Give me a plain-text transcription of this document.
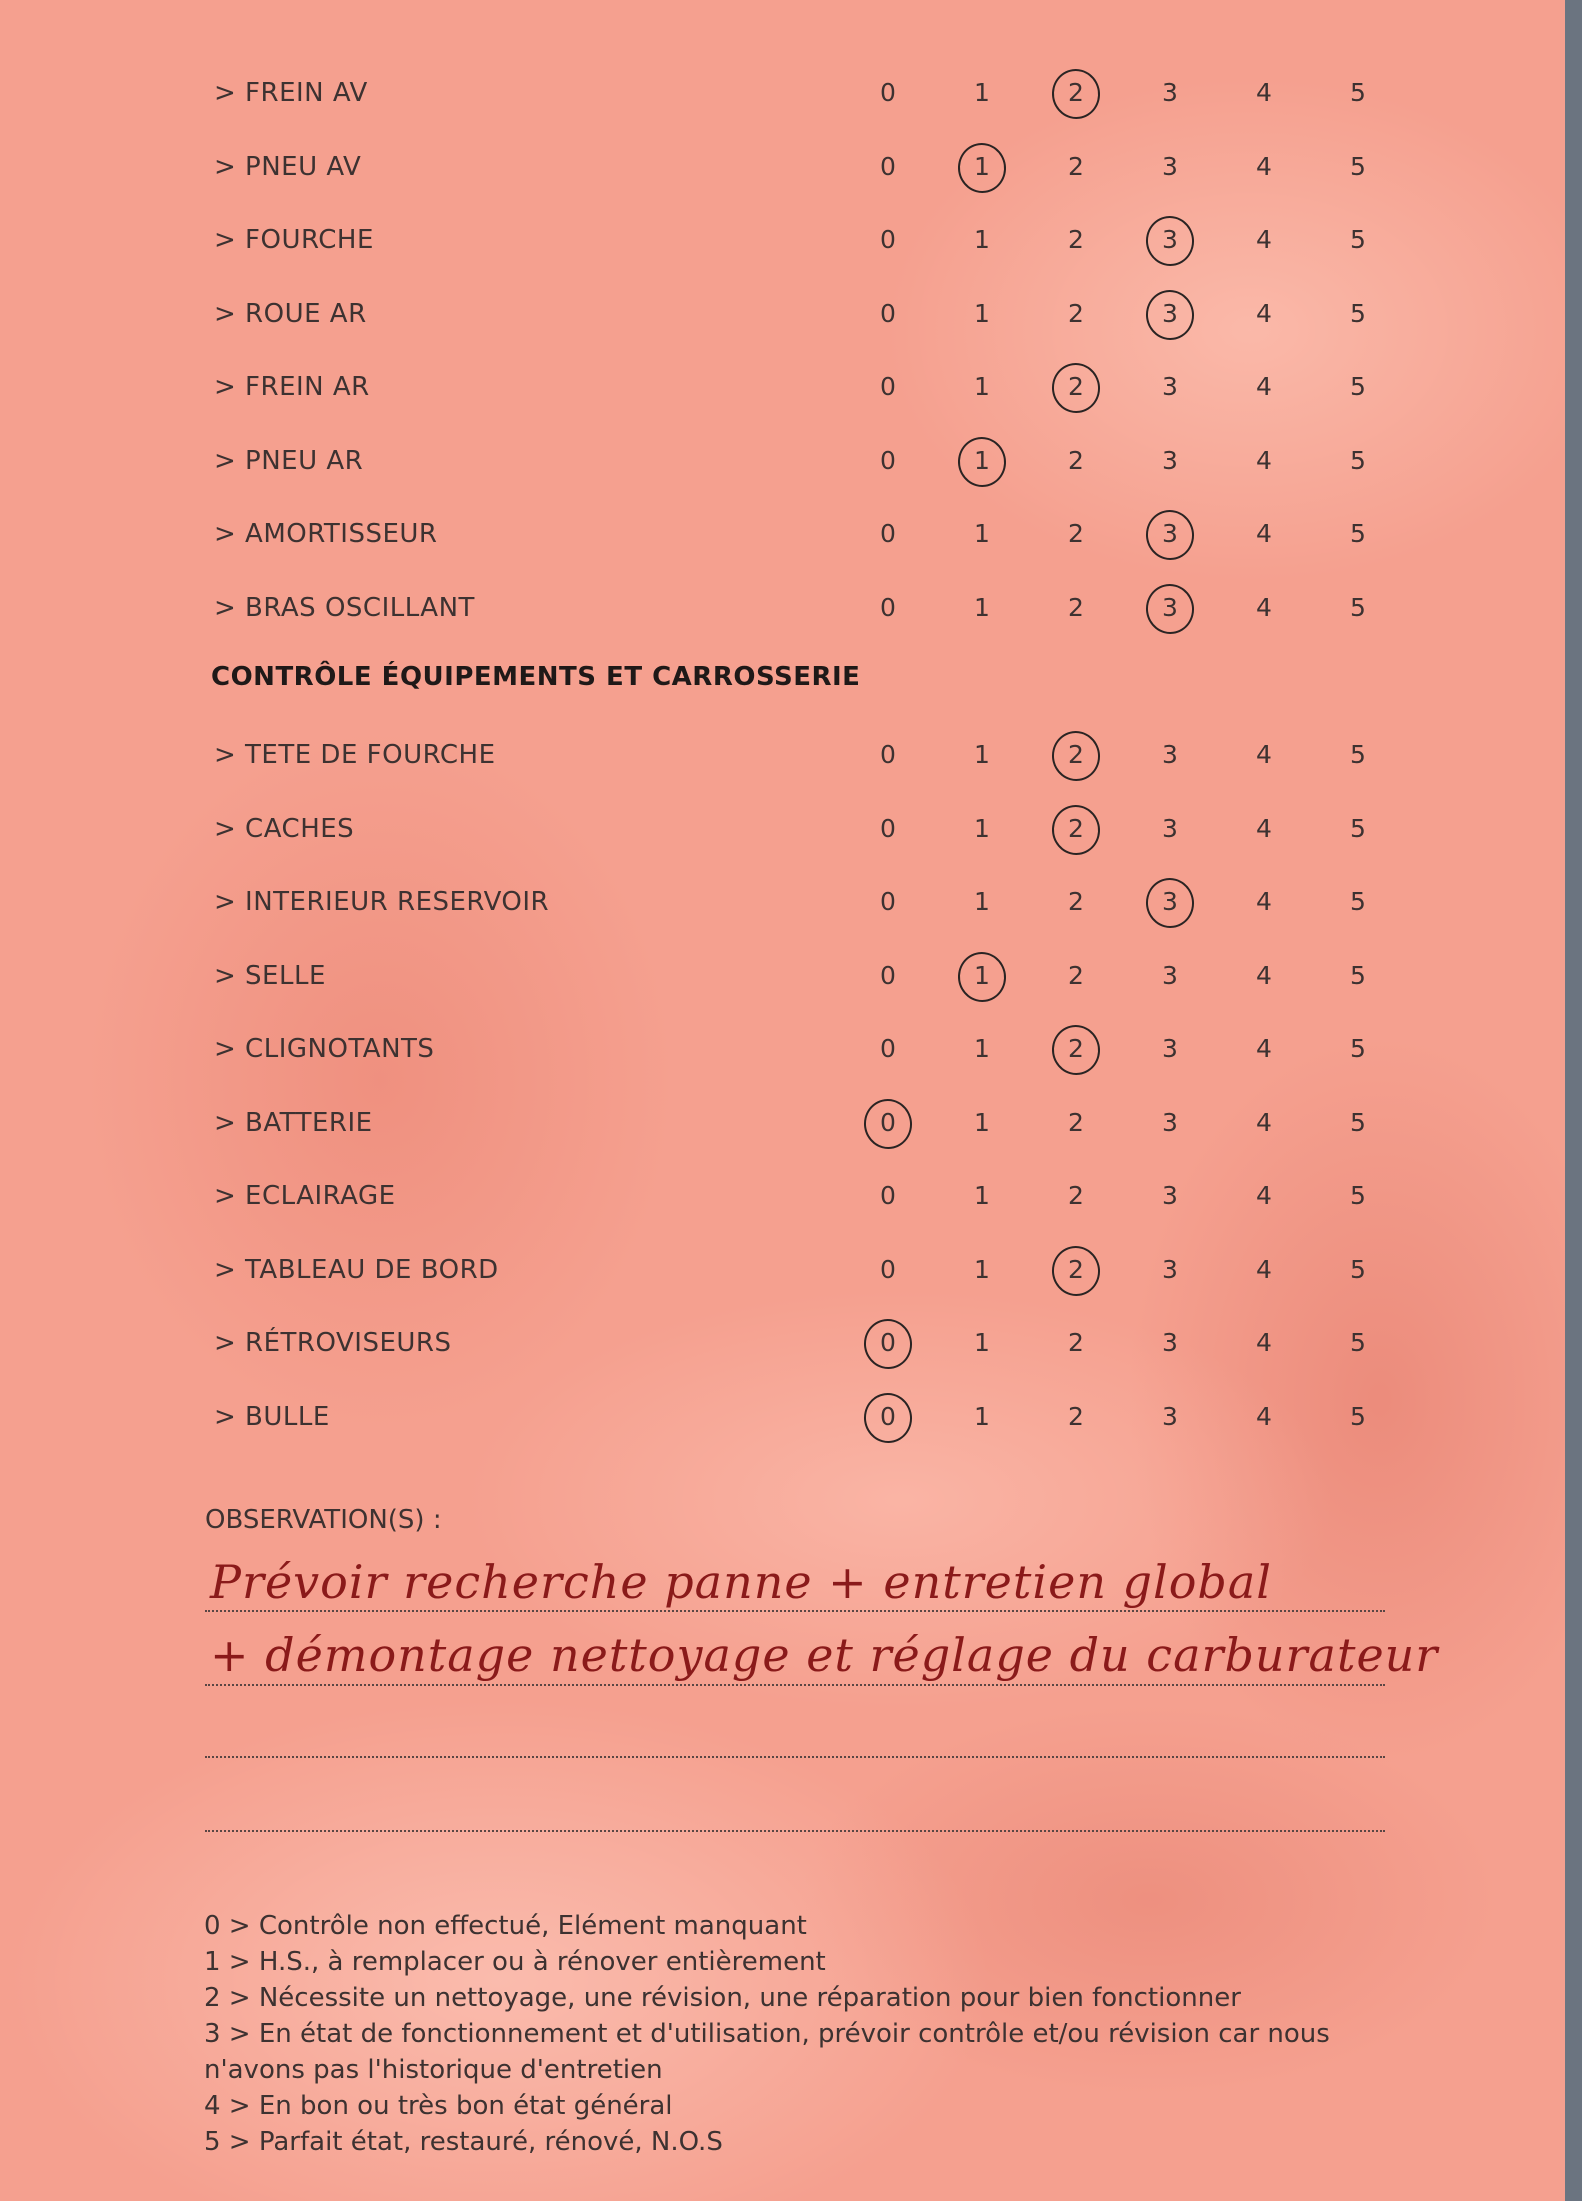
> FREIN AV	0	1	2	3	4	5
> PNEU AV	0	1	2	3	4	5
> FOURCHE	0	1	2	3	4	5
> ROUE AR	0	1	2	3	4	5
> FREIN AR	0	1	2	3	4	5
> PNEU AR	0	1	2	3	4	5
> AMORTISSEUR	0	1	2	3	4	5
> BRAS OSCILLANT	0	1	2	3	4	5
CONTRÔLE ÉQUIPEMENTS ET CARROSSERIE
> TETE DE FOURCHE	0	1	2	3	4	5
> CACHES	0	1	2	3	4	5
> INTERIEUR RESERVOIR	0	1	2	3	4	5
> SELLE	0	1	2	3	4	5
> CLIGNOTANTS	0	1	2	3	4	5
> BATTERIE	0	1	2	3	4	5
> ECLAIRAGE	0	1	2	3	4	5
> TABLEAU DE BORD	0	1	2	3	4	5
> RÉTROVISEURS	0	1	2	3	4	5
> BULLE	0	1	2	3	4	5
OBSERVATION(S) :
Prévoir recherche panne + entretien global
+ démontage nettoyage et réglage du carburateur
0 > Contrôle non effectué, Elément manquant
1 > H.S., à remplacer ou à rénover entièrement
2 > Nécessite un nettoyage, une révision, une réparation pour bien fonctionner
3 > En état de fonctionnement et d'utilisation, prévoir contrôle et/ou révision car nous
n'avons pas l'historique d'entretien
4 > En bon ou très bon état général
5 > Parfait état, restauré, rénové, N.O.S
